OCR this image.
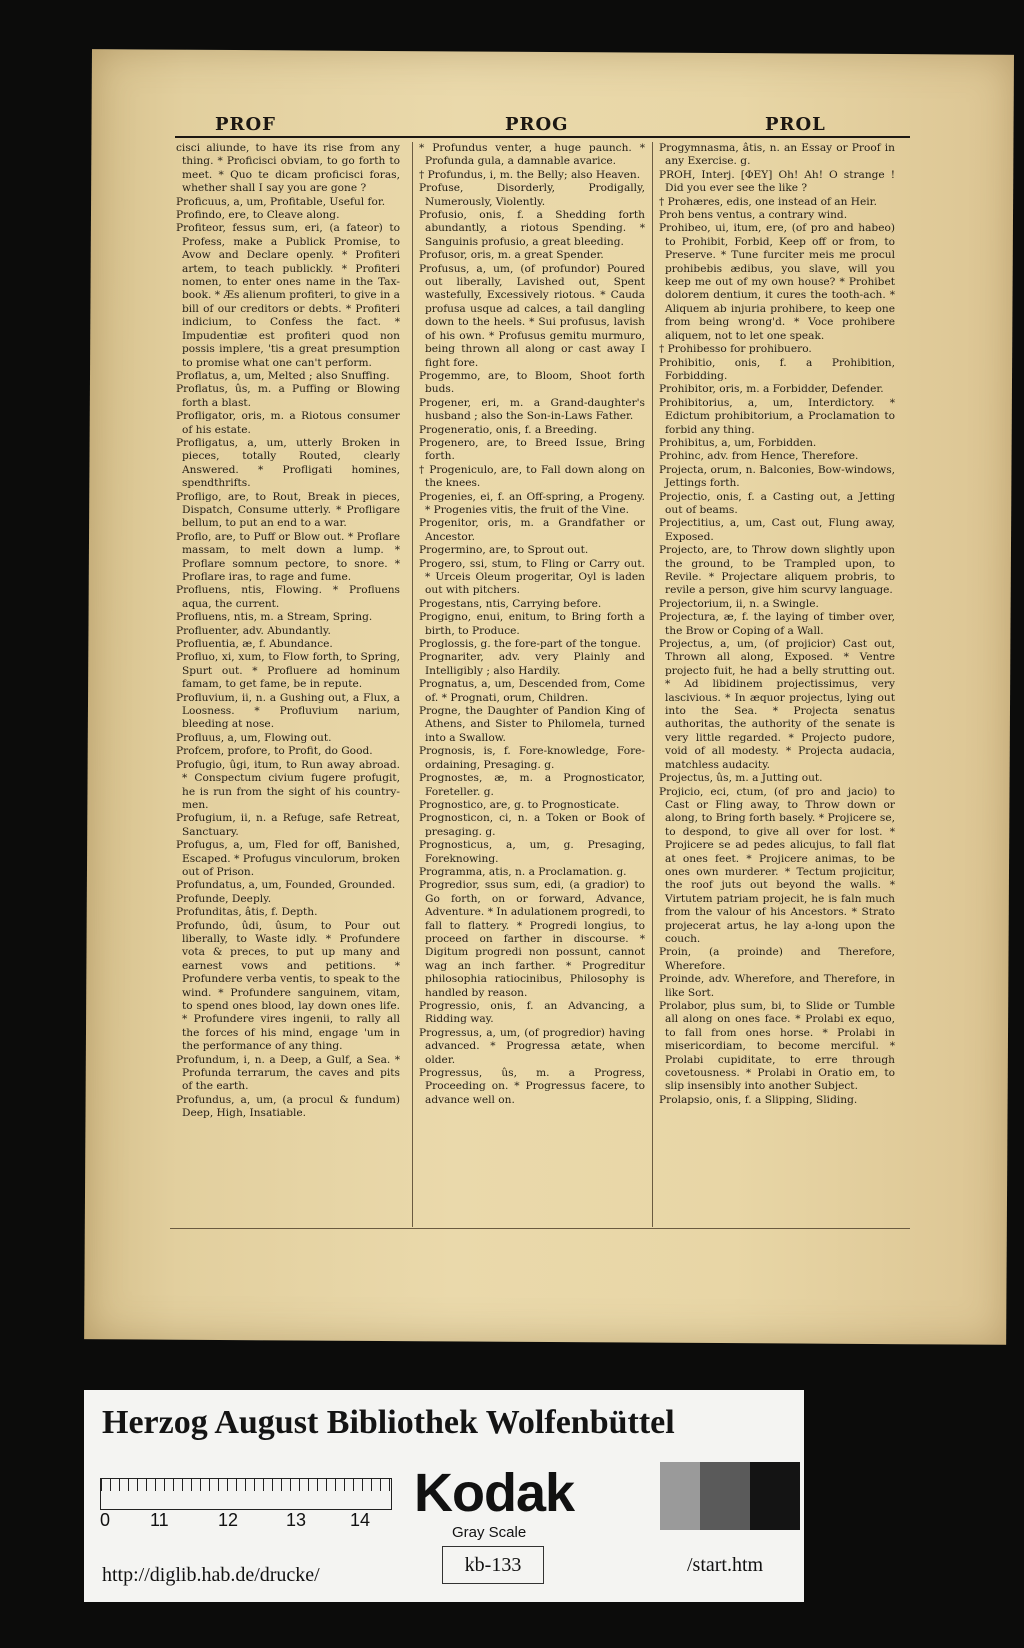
PROF	PROG	PROL

cisci aliunde, to have its rise from any thing. * Proficisci obviam, to go forth to meet. * Quo te dicam proficisci foras, whether shall I say you are gone ?

Proficuus, a, um, Profitable, Useful for.

Profindo, ere, to Cleave along.

Profiteor, fessus sum, eri, (a fateor) to Profess, make a Publick Promise, to Avow and Declare openly. * Profiteri artem, to teach publickly. * Profiteri nomen, to enter ones name in the Tax-book. * Æs alienum profiteri, to give in a bill of our creditors or debts. * Profiteri indicium, to Confess the fact. * Impudentiæ est profiteri quod non possis implere, 'tis a great presumption to promise what one can't perform.

Proflatus, a, um, Melted ; also Snuffing.

Proflatus, ûs, m. a Puffing or Blowing forth a blast.

Profligator, oris, m. a Riotous consumer of his estate.

Profligatus, a, um, utterly Broken in pieces, totally Routed, clearly Answered. * Profligati homines, spendthrifts.

Profligo, are, to Rout, Break in pieces, Dispatch, Consume utterly. * Profligare bellum, to put an end to a war.

Proflo, are, to Puff or Blow out. * Proflare massam, to melt down a lump. * Proflare somnum pectore, to snore. * Proflare iras, to rage and fume.

Profluens, ntis, Flowing. * Profluens aqua, the current.

Profluens, ntis, m. a Stream, Spring.

Profluenter, adv. Abundantly.

Profluentia, æ, f. Abundance.

Profluo, xi, xum, to Flow forth, to Spring, Spurt out. * Profluere ad hominum famam, to get fame, be in repute.

Profluvium, ii, n. a Gushing out, a Flux, a Loosness. * Profluvium narium, bleeding at nose.

Profluus, a, um, Flowing out.

Profcem, profore, to Profit, do Good.

Profugio, ûgi, itum, to Run away abroad. * Conspectum civium fugere profugit, he is run from the sight of his country-men.

Profugium, ii, n. a Refuge, safe Retreat, Sanctuary.

Profugus, a, um, Fled for off, Banished, Escaped. * Profugus vinculorum, broken out of Prison.

Profundatus, a, um, Founded, Grounded.

Profunde, Deeply.

Profunditas, âtis, f. Depth.

Profundo, ûdi, ûsum, to Pour out liberally, to Waste idly. * Profundere vota & preces, to put up many and earnest vows and petitions. * Profundere verba ventis, to speak to the wind. * Profundere sanguinem, vitam, to spend ones blood, lay down ones life. * Profundere vires ingenii, to rally all the forces of his mind, engage 'um in the performance of any thing.

Profundum, i, n. a Deep, a Gulf, a Sea. * Profunda terrarum, the caves and pits of the earth.

Profundus, a, um, (a procul & fundum) Deep, High, Insatiable.

* Profundus venter, a huge paunch. * Profunda gula, a damnable avarice.

† Profundus, i, m. the Belly; also Heaven.

Profuse, Disorderly, Prodigally, Numerously, Violently.

Profusio, onis, f. a Shedding forth abundantly, a riotous Spending. * Sanguinis profusio, a great bleeding.

Profusor, oris, m. a great Spender.

Profusus, a, um, (of profundor) Poured out liberally, Lavished out, Spent wastefully, Excessively riotous. * Cauda profusa usque ad calces, a tail dangling down to the heels. * Sui profusus, lavish of his own. * Profusus gemitu murmuro, being thrown all along or cast away I fight fore.

Progemmo, are, to Bloom, Shoot forth buds.

Progener, eri, m. a Grand-daughter's husband ; also the Son-in-Laws Father.

Progeneratio, onis, f. a Breeding.

Progenero, are, to Breed Issue, Bring forth.

† Progeniculo, are, to Fall down along on the knees.

Progenies, ei, f. an Off-spring, a Progeny. * Progenies vitis, the fruit of the Vine.

Progenitor, oris, m. a Grandfather or Ancestor.

Progermino, are, to Sprout out.

Progero, ssi, stum, to Fling or Carry out. * Urceis Oleum progeritar, Oyl is laden out with pitchers.

Progestans, ntis, Carrying before.

Progigno, enui, enitum, to Bring forth a birth, to Produce.

Proglossis, g. the fore-part of the tongue.

Prognariter, adv. very Plainly and Intelligibly ; also Hardily.

Prognatus, a, um, Descended from, Come of. * Prognati, orum, Children.

Progne, the Daughter of Pandion King of Athens, and Sister to Philomela, turned into a Swallow.

Prognosis, is, f. Fore-knowledge, Fore-ordaining, Presaging. g.

Prognostes, æ, m. a Prognosticator, Foreteller. g.

Prognostico, are, g. to Prognosticate.

Prognosticon, ci, n. a Token or Book of presaging. g.

Prognosticus, a, um, g. Presaging, Foreknowing.

Programma, atis, n. a Proclamation. g.

Progredior, ssus sum, edi, (a gradior) to Go forth, on or forward, Advance, Adventure. * In adulationem progredi, to fall to flattery. * Progredi longius, to proceed on farther in discourse. * Digitum progredi non possunt, cannot wag an inch farther. * Progreditur philosophia ratiocinibus, Philosophy is handled by reason.

Progressio, onis, f. an Advancing, a Ridding way.

Progressus, a, um, (of progredior) having advanced. * Progressa ætate, when older.

Progressus, ûs, m. a Progress, Proceeding on. * Progressus facere, to advance well on.

Progymnasma, âtis, n. an Essay or Proof in any Exercise. g.

PROH, Interj. [ΦΕΥ] Oh! Ah! O strange ! Did you ever see the like ?

† Prohæres, edis, one instead of an Heir.

Proh bens ventus, a contrary wind.

Prohibeo, ui, itum, ere, (of pro and habeo) to Prohibit, Forbid, Keep off or from, to Preserve. * Tune furciter meis me procul prohibebis ædibus, you slave, will you keep me out of my own house? * Prohibet dolorem dentium, it cures the tooth-ach. * Aliquem ab injuria prohibere, to keep one from being wrong'd. * Voce prohibere aliquem, not to let one speak.

† Prohibesso for prohibuero.

Prohibitio, onis, f. a Prohibition, Forbidding.

Prohibitor, oris, m. a Forbidder, Defender.

Prohibitorius, a, um, Interdictory. * Edictum prohibitorium, a Proclamation to forbid any thing.

Prohibitus, a, um, Forbidden.

Prohinc, adv. from Hence, Therefore.

Projecta, orum, n. Balconies, Bow-windows, Jettings forth.

Projectio, onis, f. a Casting out, a Jetting out of beams.

Projectitius, a, um, Cast out, Flung away, Exposed.

Projecto, are, to Throw down slightly upon the ground, to be Trampled upon, to Revile. * Projectare aliquem probris, to revile a person, give him scurvy language.

Projectorium, ii, n. a Swingle.

Projectura, æ, f. the laying of timber over, the Brow or Coping of a Wall.

Projectus, a, um, (of projicior) Cast out, Thrown all along, Exposed. * Ventre projecto fuit, he had a belly strutting out. * Ad libidinem projectissimus, very lascivious. * In æquor projectus, lying out into the Sea. * Projecta senatus authoritas, the authority of the senate is very little regarded. * Projecto pudore, void of all modesty. * Projecta audacia, matchless audacity.

Projectus, ûs, m. a Jutting out.

Projicio, eci, ctum, (of pro and jacio) to Cast or Fling away, to Throw down or along, to Bring forth basely. * Projicere se, to despond, to give all over for lost. * Projicere se ad pedes alicujus, to fall flat at ones feet. * Projicere animas, to be ones own murderer. * Tectum projicitur, the roof juts out beyond the walls. * Virtutem patriam projecit, he is faln much from the valour of his Ancestors. * Strato projecerat artus, he lay a-long upon the couch.

Proin, (a proinde) and Therefore, Wherefore.

Proinde, adv. Wherefore, and Therefore, in like Sort.

Prolabor, plus sum, bi, to Slide or Tumble all along on ones face. * Prolabi ex equo, to fall from ones horse. * Prolabi in misericordiam, to become merciful. * Prolabi cupiditate, to erre through covetousness. * Prolabi in Oratio em, to slip insensibly into another Subject.

Prolapsio, onis, f. a Slipping, Sliding.

Herzog August Bibliothek Wolfenbüttel
0 11	12	13 14 Kodak
Gray Scale
http://diglib.hab.de/drucke/	kb-133	/start.htm
